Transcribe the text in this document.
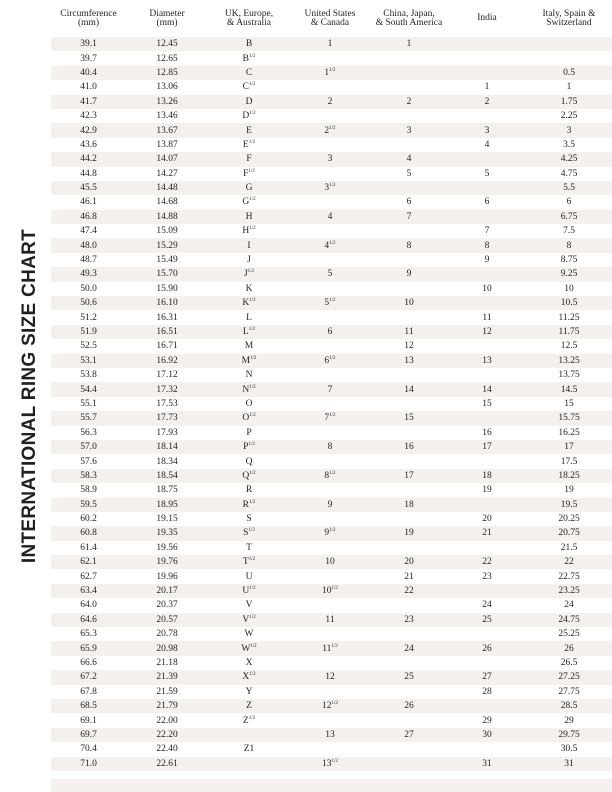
INTERNATIONAL RING SIZE CHART
Circumference
(mm)	Diameter
(mm)	UK, Europe,
& Australia	United States
& Canada	China, Japan,
& South America	India	Italy, Spain &
Switzerland
39.1	12.45	B	1	1		
39.7	12.65	$B^{1/2}$				
40.4	12.85	C	$1^{1/2}$			0.5
41.0	13.06	$C^{1/2}$			1	1
41.7	13.26	D	2	2	2	1.75
42.3	13.46	$D^{1/2}$				2.25
42.9	13.67	E	$2^{1/2}$	3	3	3
43.6	13.87	$E^{1/2}$			4	3.5
44.2	14.07	F	3	4		4.25
44.8	14.27	$F^{1/2}$		5	5	4.75
45.5	14.48	G	$3^{1/2}$			5.5
46.1	14.68	$G^{1/2}$		6	6	6
46.8	14.88	H	4	7		6.75
47.4	15.09	$H^{1/2}$			7	7.5
48.0	15.29	I	$4^{1/2}$	8	8	8
48.7	15.49	J			9	8.75
49.3	15.70	$J^{1/2}$	5	9		9.25
50.0	15.90	K			10	10
50.6	16.10	$K^{1/2}$	$5^{1/2}$	10		10.5
51.2	16.31	L			11	11.25
51.9	16.51	$L^{1/2}$	6	11	12	11.75
52.5	16.71	M		12		12.5
53.1	16.92	$M^{1/2}$	$6^{1/2}$	13	13	13.25
53.8	17.12	N				13.75
54.4	17.32	$N^{1/2}$	7	14	14	14.5
55.1	17.53	O			15	15
55.7	17.73	$O^{1/2}$	$7^{1/2}$	15		15.75
56.3	17.93	P			16	16.25
57.0	18.14	$P^{1/2}$	8	16	17	17
57.6	18.34	Q				17.5
58.3	18.54	$Q^{1/2}$	$8^{1/2}$	17	18	18.25
58.9	18.75	R			19	19
59.5	18.95	$R^{1/2}$	9	18		19.5
60.2	19.15	S			20	20.25
60.8	19.35	$S^{1/2}$	$9^{1/2}$	19	21	20.75
61.4	19.56	T				21.5
62.1	19.76	$T^{1/2}$	10	20	22	22
62.7	19.96	U		21	23	22.75
63.4	20.17	$U^{1/2}$	$10^{1/2}$	22		23.25
64.0	20.37	V			24	24
64.6	20.57	$V^{1/2}$	11	23	25	24.75
65.3	20.78	W				25.25
65.9	20.98	$W^{1/2}$	$11^{1/2}$	24	26	26
66.6	21.18	X				26.5
67.2	21.39	$X^{1/2}$	12	25	27	27.25
67.8	21.59	Y			28	27.75
68.5	21.79	Z	$12^{1/2}$	26		28.5
69.1	22.00	$Z^{1/2}$			29	29
69.7	22.20		13	27	30	29.75
70.4	22.40	Z1				30.5
71.0	22.61		$13^{1/2}$		31	31
